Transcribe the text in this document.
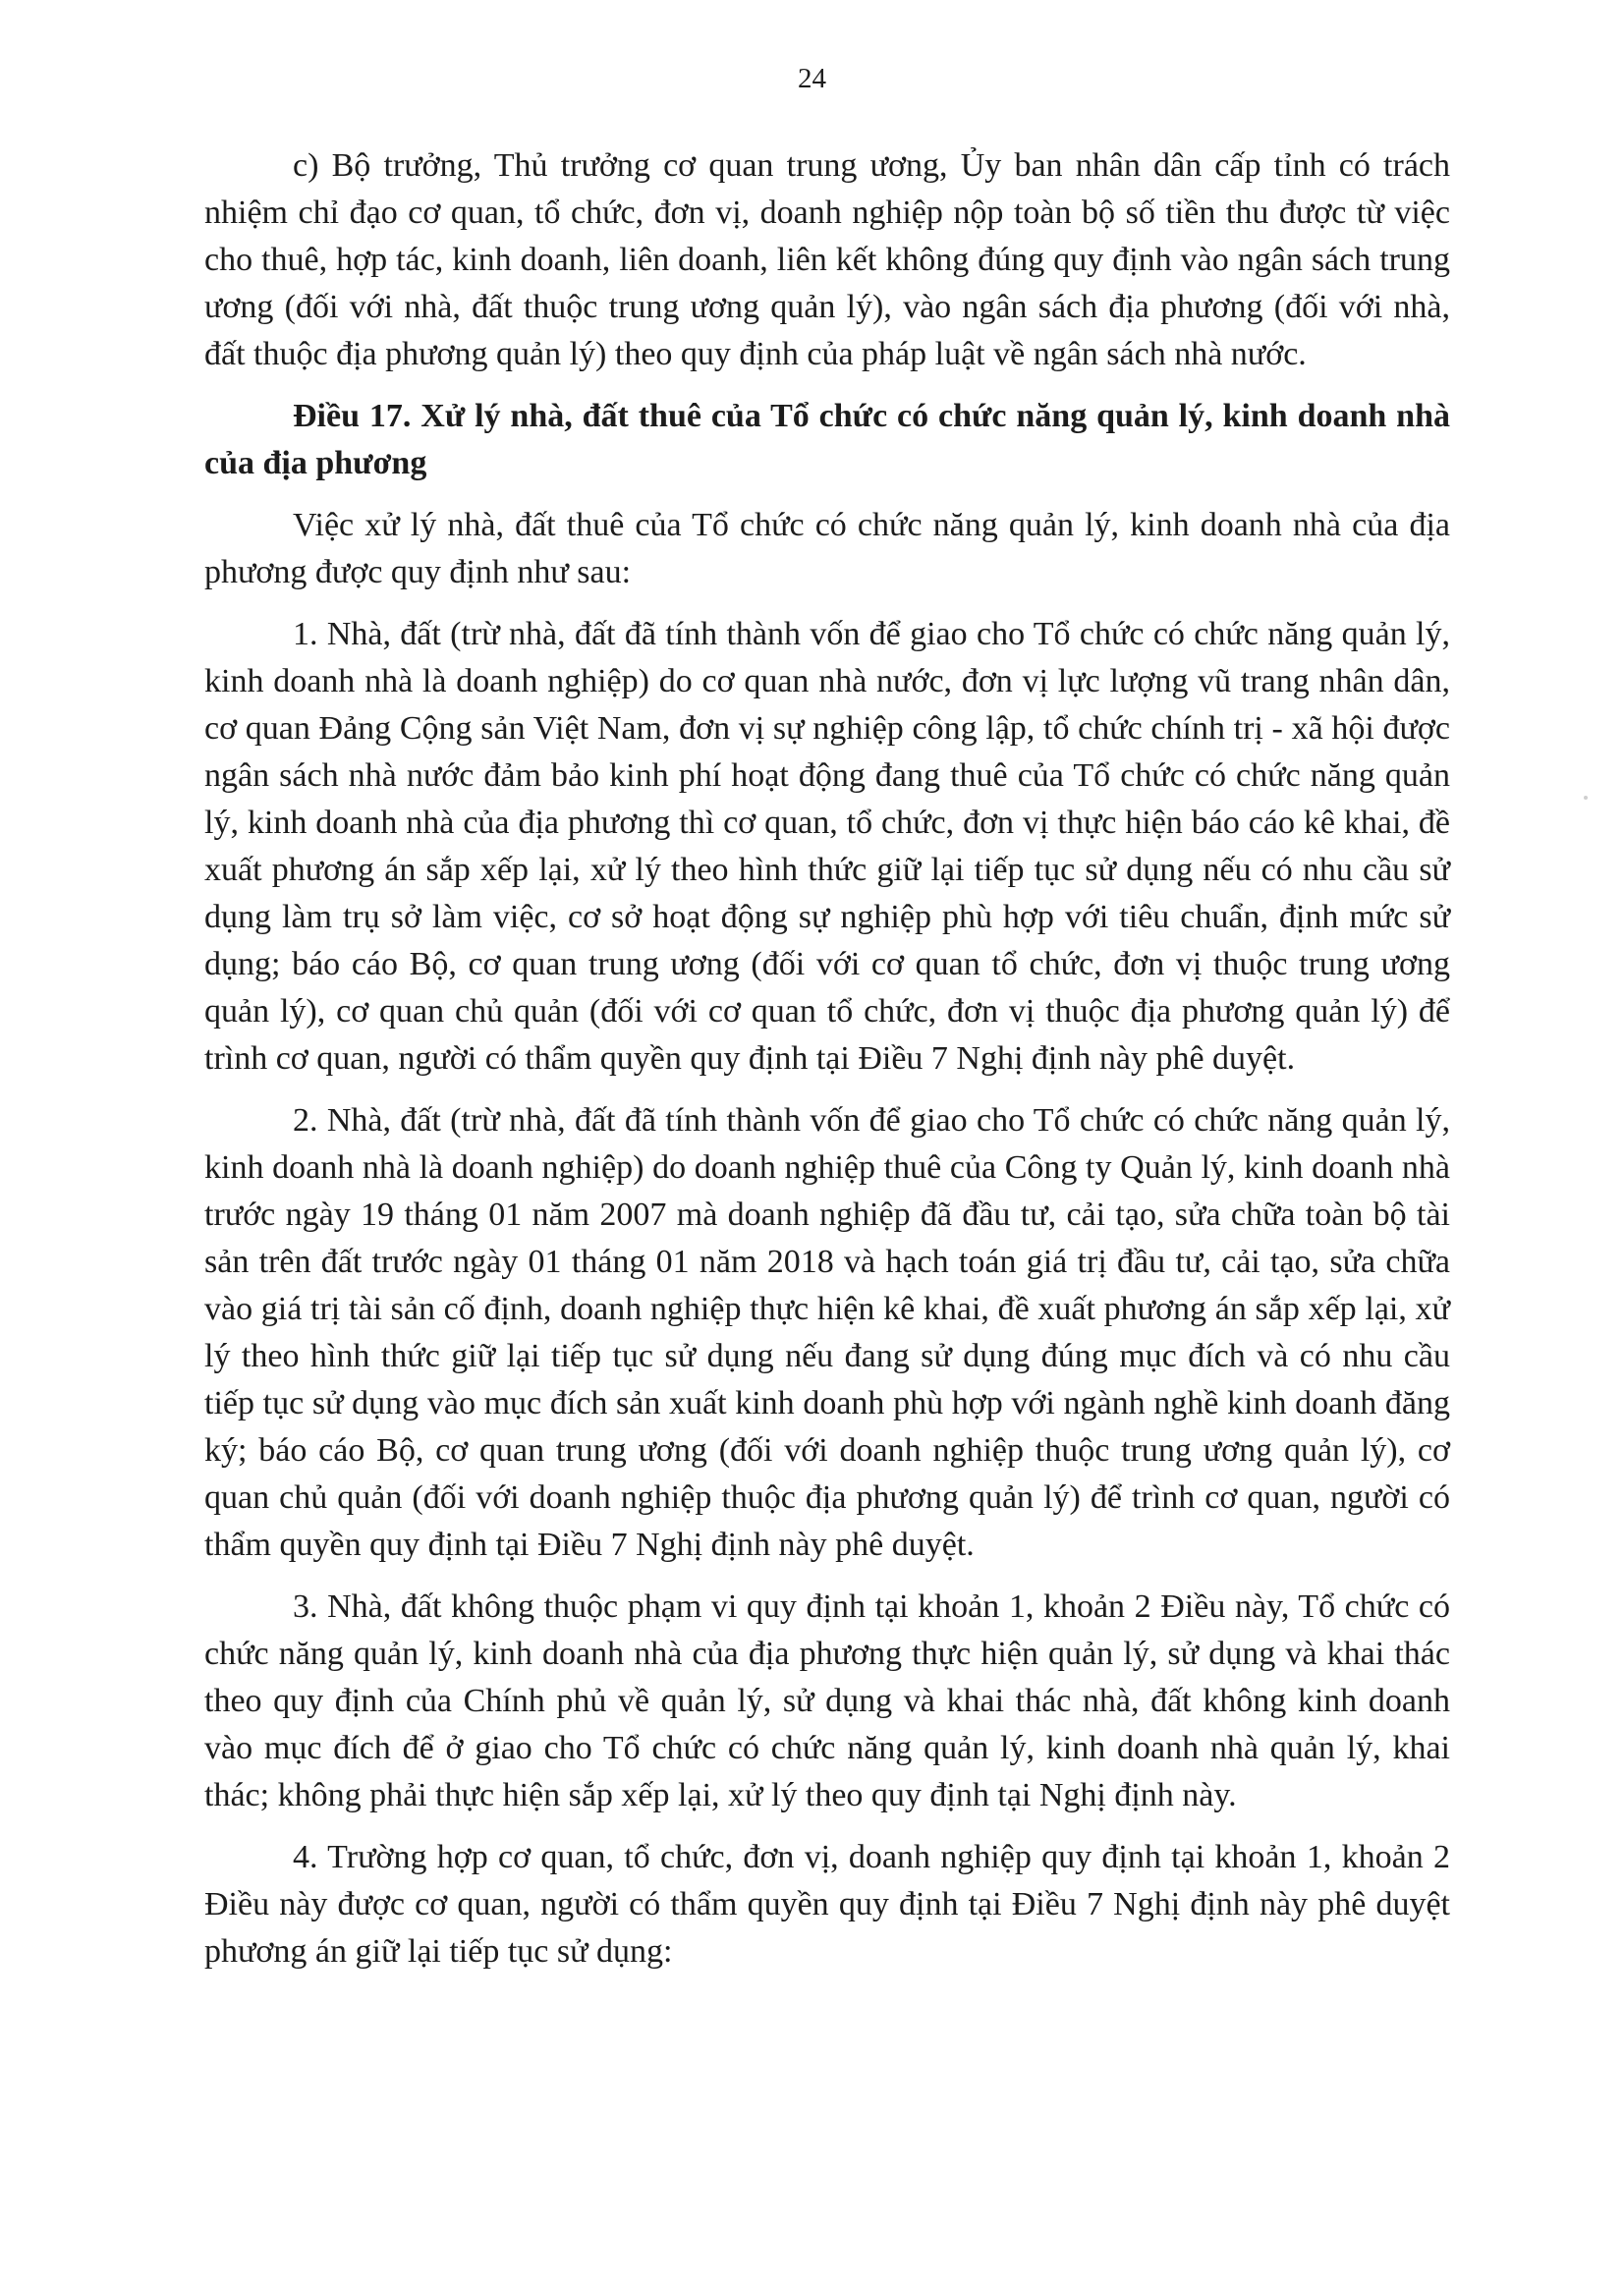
24

c) Bộ trưởng, Thủ trưởng cơ quan trung ương, Ủy ban nhân dân cấp tỉnh có trách nhiệm chỉ đạo cơ quan, tổ chức, đơn vị, doanh nghiệp nộp toàn bộ số tiền thu được từ việc cho thuê, hợp tác, kinh doanh, liên doanh, liên kết không đúng quy định vào ngân sách trung ương (đối với nhà, đất thuộc trung ương quản lý), vào ngân sách địa phương (đối với nhà, đất thuộc địa phương quản lý) theo quy định của pháp luật về ngân sách nhà nước.

Điều 17. Xử lý nhà, đất thuê của Tổ chức có chức năng quản lý, kinh doanh nhà của địa phương

Việc xử lý nhà, đất thuê của Tổ chức có chức năng quản lý, kinh doanh nhà của địa phương được quy định như sau:

1. Nhà, đất (trừ nhà, đất đã tính thành vốn để giao cho Tổ chức có chức năng quản lý, kinh doanh nhà là doanh nghiệp) do cơ quan nhà nước, đơn vị lực lượng vũ trang nhân dân, cơ quan Đảng Cộng sản Việt Nam, đơn vị sự nghiệp công lập, tổ chức chính trị - xã hội được ngân sách nhà nước đảm bảo kinh phí hoạt động đang thuê của Tổ chức có chức năng quản lý, kinh doanh nhà của địa phương thì cơ quan, tổ chức, đơn vị thực hiện báo cáo kê khai, đề xuất phương án sắp xếp lại, xử lý theo hình thức giữ lại tiếp tục sử dụng nếu có nhu cầu sử dụng làm trụ sở làm việc, cơ sở hoạt động sự nghiệp phù hợp với tiêu chuẩn, định mức sử dụng; báo cáo Bộ, cơ quan trung ương (đối với cơ quan tổ chức, đơn vị thuộc trung ương quản lý), cơ quan chủ quản (đối với cơ quan tổ chức, đơn vị thuộc địa phương quản lý) để trình cơ quan, người có thẩm quyền quy định tại Điều 7 Nghị định này phê duyệt.

2. Nhà, đất (trừ nhà, đất đã tính thành vốn để giao cho Tổ chức có chức năng quản lý, kinh doanh nhà là doanh nghiệp) do doanh nghiệp thuê của Công ty Quản lý, kinh doanh nhà trước ngày 19 tháng 01 năm 2007 mà doanh nghiệp đã đầu tư, cải tạo, sửa chữa toàn bộ tài sản trên đất trước ngày 01 tháng 01 năm 2018 và hạch toán giá trị đầu tư, cải tạo, sửa chữa vào giá trị tài sản cố định, doanh nghiệp thực hiện kê khai, đề xuất phương án sắp xếp lại, xử lý theo hình thức giữ lại tiếp tục sử dụng nếu đang sử dụng đúng mục đích và có nhu cầu tiếp tục sử dụng vào mục đích sản xuất kinh doanh phù hợp với ngành nghề kinh doanh đăng ký; báo cáo Bộ, cơ quan trung ương (đối với doanh nghiệp thuộc trung ương quản lý), cơ quan chủ quản (đối với doanh nghiệp thuộc địa phương quản lý) để trình cơ quan, người có thẩm quyền quy định tại Điều 7 Nghị định này phê duyệt.

3. Nhà, đất không thuộc phạm vi quy định tại khoản 1, khoản 2 Điều này, Tổ chức có chức năng quản lý, kinh doanh nhà của địa phương thực hiện quản lý, sử dụng và khai thác theo quy định của Chính phủ về quản lý, sử dụng và khai thác nhà, đất không kinh doanh vào mục đích để ở giao cho Tổ chức có chức năng quản lý, kinh doanh nhà quản lý, khai thác; không phải thực hiện sắp xếp lại, xử lý theo quy định tại Nghị định này.

4. Trường hợp cơ quan, tổ chức, đơn vị, doanh nghiệp quy định tại khoản 1, khoản 2 Điều này được cơ quan, người có thẩm quyền quy định tại Điều 7 Nghị định này phê duyệt phương án giữ lại tiếp tục sử dụng:
